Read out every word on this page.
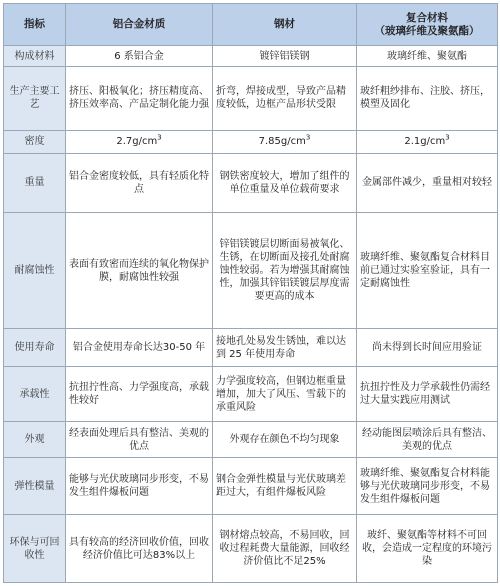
指标	铝合金材质	钢材	复合材料
（玻璃纤维及聚氨酯）

构成材料	6 系铝合金	镀锌铝镁钢	玻璃纤维、聚氨酯
生产主要工艺	挤压、阳极氧化；挤压精度高、挤压效率高、产品定制化能力强	折弯，焊接成型，导致产品精度较低，边框产品形状受限	玻纤粗纱排布、注胶、挤压，模塑及固化
密度	$2.7g/cm^3$	$7.85g/cm^3$	$2.1g/cm^3$
重量	铝合金密度较低，具有轻质化特点	钢铁密度较大，增加了组件的单位重量及单位载荷要求	金属部件减少，重量相对较轻
耐腐蚀性	表面有致密而连续的氧化物保护膜，耐腐蚀性较强	锌铝镁镀层切断面易被氧化、生锈，在切断面及接孔处耐腐蚀性较弱。若为增强其耐腐蚀性，加强其锌铝镁镀层厚度需要更高的成本	玻璃纤维、聚氨酯复合材料目前已通过实验室验证，具有一定耐腐蚀性
使用寿命	铝合金使用寿命长达30-50 年	接地孔处易发生锈蚀，难以达到 25 年使用寿命	尚未得到长时间应用验证
承载性	抗扭拧性高、力学强度高，承载性较好	力学强度较高，但钢边框重量增加，加大了风压、雪载下的承重风险	抗扭拧性及力学承载性仍需经过大量实践应用测试
外观	经表面处理后具有整洁、美观的优点	外观存在颜色不均匀现象	经动能图层喷涂后具有整洁、美观的优点
弹性模量	能够与光伏玻璃同步形变，不易发生组件爆板问题	钢合金弹性模量与光伏玻璃差距过大，有组件爆板风险	玻璃纤维、聚氨酯复合材料能够与光伏玻璃同步形变，不易发生组件爆板问题
环保与可回收性	具有较高的经济回收价值，回收经济价值比可达83%以上	钢材熔点较高，不易回收，回收过程耗费大量能源，回收经济价值比不足25%	玻纤、聚氨酯等材料不可回收，会造成一定程度的环境污染
